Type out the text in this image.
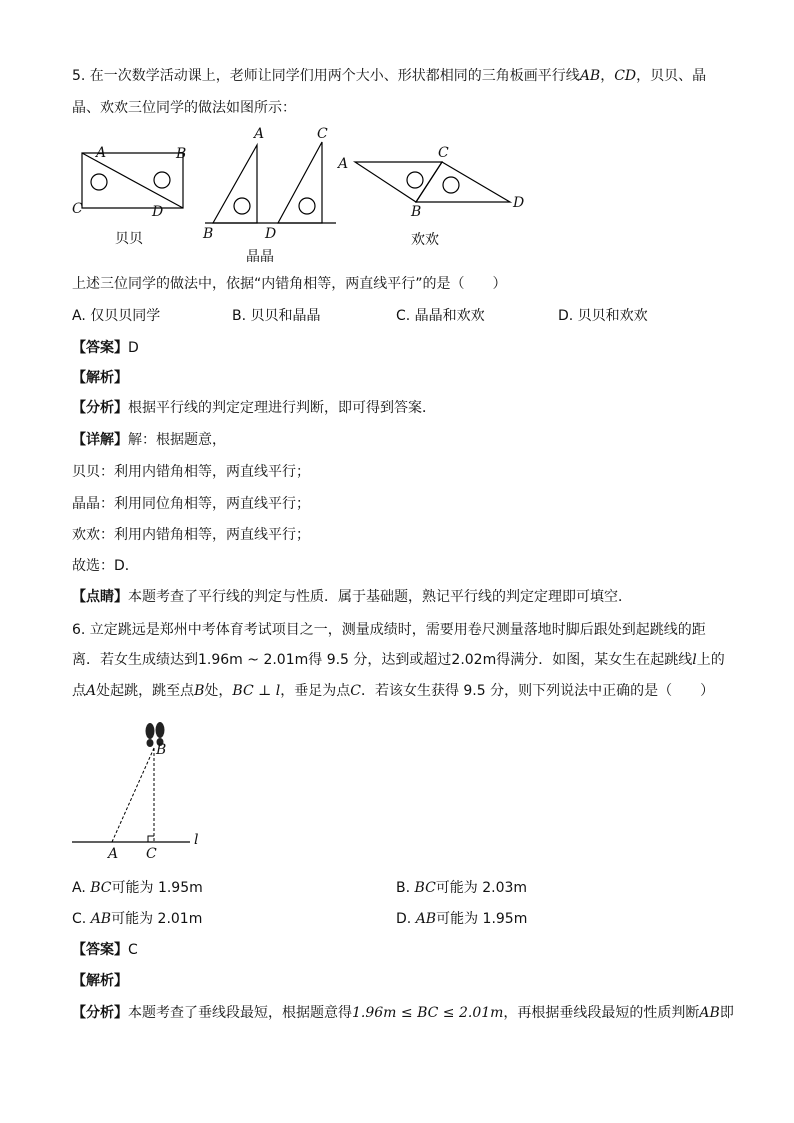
5. 在一次数学活动课上，老师让同学们用两个大小、形状都相同的三角板画平行线AB，CD，贝贝、晶
晶、欢欢三位同学的做法如图所示：
A	B
C	D
贝贝
A	C
B	D
晶晶
A
C
B
D
欢欢
上述三位同学的做法中，依据“内错角相等，两直线平行”的是（　　）
A. 仅贝贝同学	B. 贝贝和晶晶	C. 晶晶和欢欢	D. 贝贝和欢欢
【答案】D
【解析】
【分析】根据平行线的判定定理进行判断，即可得到答案．
【详解】解：根据题意，
贝贝：利用内错角相等，两直线平行；
晶晶：利用同位角相等，两直线平行；
欢欢：利用内错角相等，两直线平行；
故选：D．
【点睛】本题考查了平行线的判定与性质．属于基础题，熟记平行线的判定定理即可填空．
6. 立定跳远是郑州中考体育考试项目之一，测量成绩时，需要用卷尺测量落地时脚后跟处到起跳线的距
离．若女生成绩达到1.96m ~ 2.01m得 9.5 分，达到或超过2.02m得满分．如图，某女生在起跳线l上的
点A处起跳，跳至点B处，BC ⊥ l，垂足为点C．若该女生获得 9.5 分，则下列说法中正确的是（　　）
B
A C
l
A. BC可能为 1.95m	B. BC可能为 2.03m
C. AB可能为 2.01m	D. AB可能为 1.95m
【答案】C
【解析】
【分析】本题考查了垂线段最短，根据题意得1.96m ≤ BC ≤ 2.01m，再根据垂线段最短的性质判断AB即
